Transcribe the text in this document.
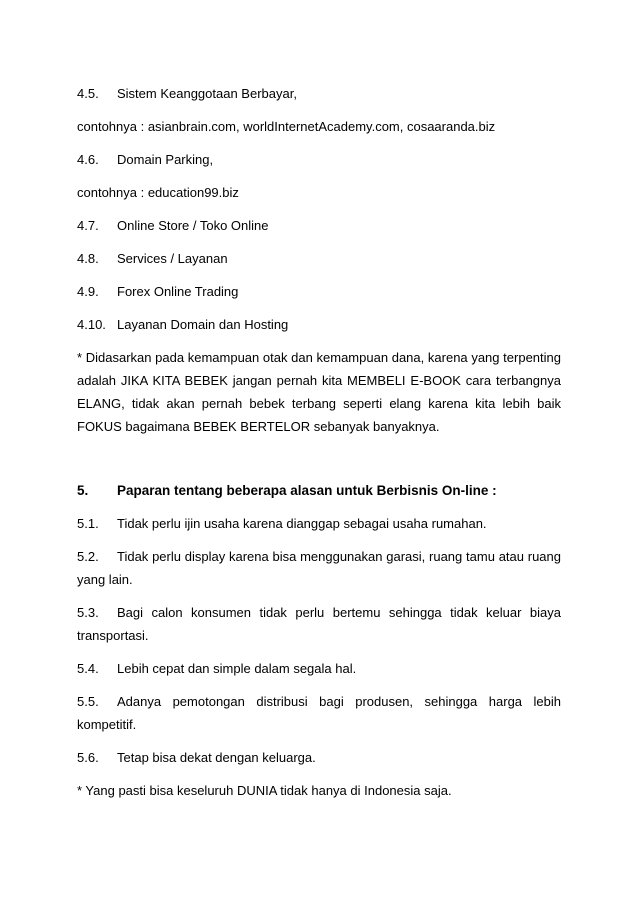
4.5. Sistem Keanggotaan Berbayar,
contohnya : asianbrain.com, worldInternetAcademy.com, cosaaranda.biz
4.6. Domain Parking,
contohnya : education99.biz
4.7. Online Store / Toko Online
4.8. Services / Layanan
4.9. Forex Online Trading
4.10. Layanan Domain dan Hosting
* Didasarkan pada kemampuan otak dan kemampuan dana, karena yang terpenting
adalah JIKA KITA BEBEK jangan pernah kita MEMBELI E-BOOK cara terbangnya
ELANG, tidak akan pernah bebek terbang seperti elang karena kita lebih baik
FOKUS bagaimana BEBEK BERTELOR sebanyak banyaknya.
5. Paparan tentang beberapa alasan untuk Berbisnis On-line :
5.1. Tidak perlu ijin usaha karena dianggap sebagai usaha rumahan.
5.2. Tidak perlu display karena bisa menggunakan garasi, ruang tamu atau ruang
yang lain.
5.3. Bagi calon konsumen tidak perlu bertemu sehingga tidak keluar biaya
transportasi.
5.4. Lebih cepat dan simple dalam segala hal.
5.5. Adanya pemotongan distribusi bagi produsen, sehingga harga lebih
kompetitif.
5.6. Tetap bisa dekat dengan keluarga.
* Yang pasti bisa keseluruh DUNIA tidak hanya di Indonesia saja.
